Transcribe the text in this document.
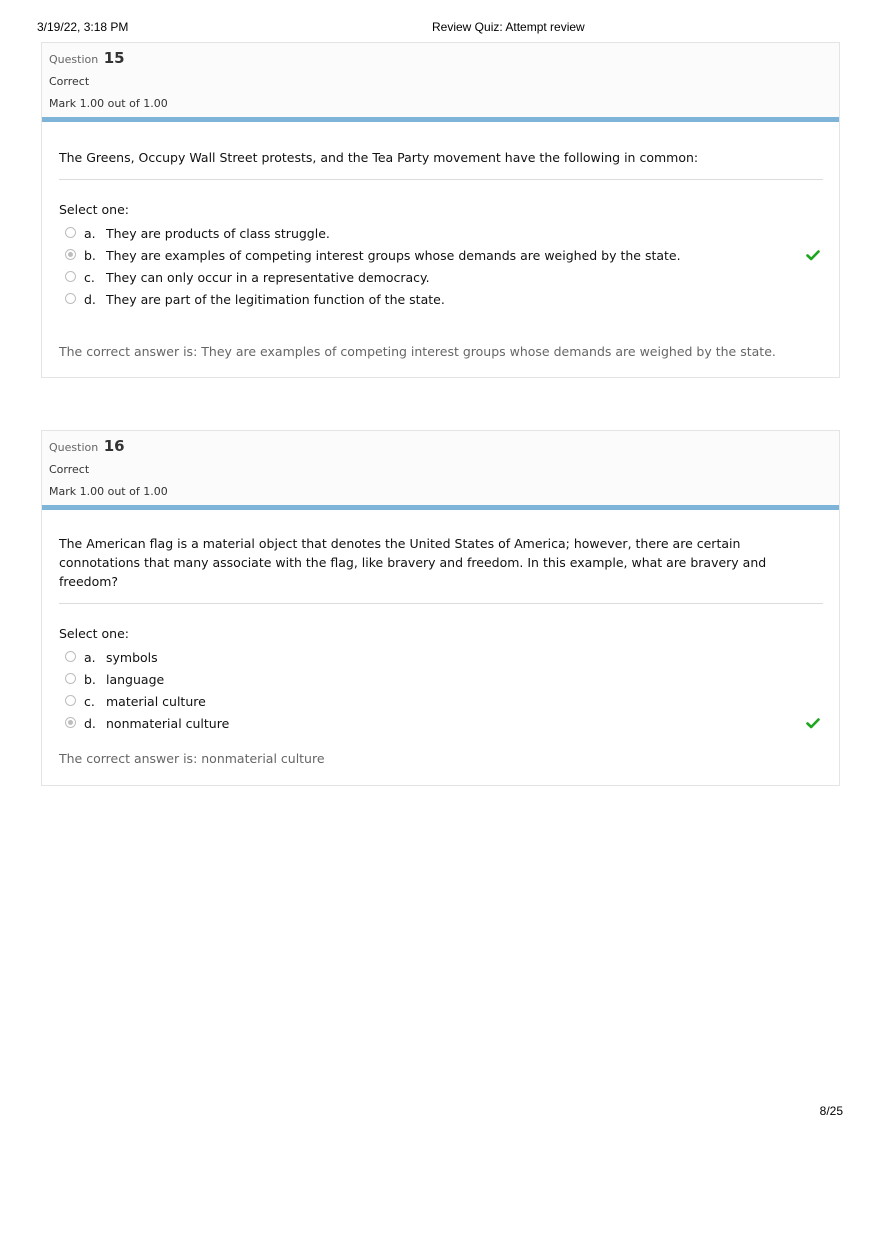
3/19/22, 3:18 PM	Review Quiz: Attempt review
Question 15
Correct
Mark 1.00 out of 1.00
The Greens, Occupy Wall Street protests, and the Tea Party movement have the following in common:
Select one:
a. They are products of class struggle.
b. They are examples of competing interest groups whose demands are weighed by the state.
c. They can only occur in a representative democracy.
d. They are part of the legitimation function of the state.
The correct answer is: They are examples of competing interest groups whose demands are weighed by the state.
Question 16
Correct
Mark 1.00 out of 1.00
The American flag is a material object that denotes the United States of America; however, there are certain connotations that many associate with the flag, like bravery and freedom. In this example, what are bravery and freedom?
Select one:
a. symbols
b. language
c. material culture
d. nonmaterial culture
The correct answer is: nonmaterial culture
8/25
